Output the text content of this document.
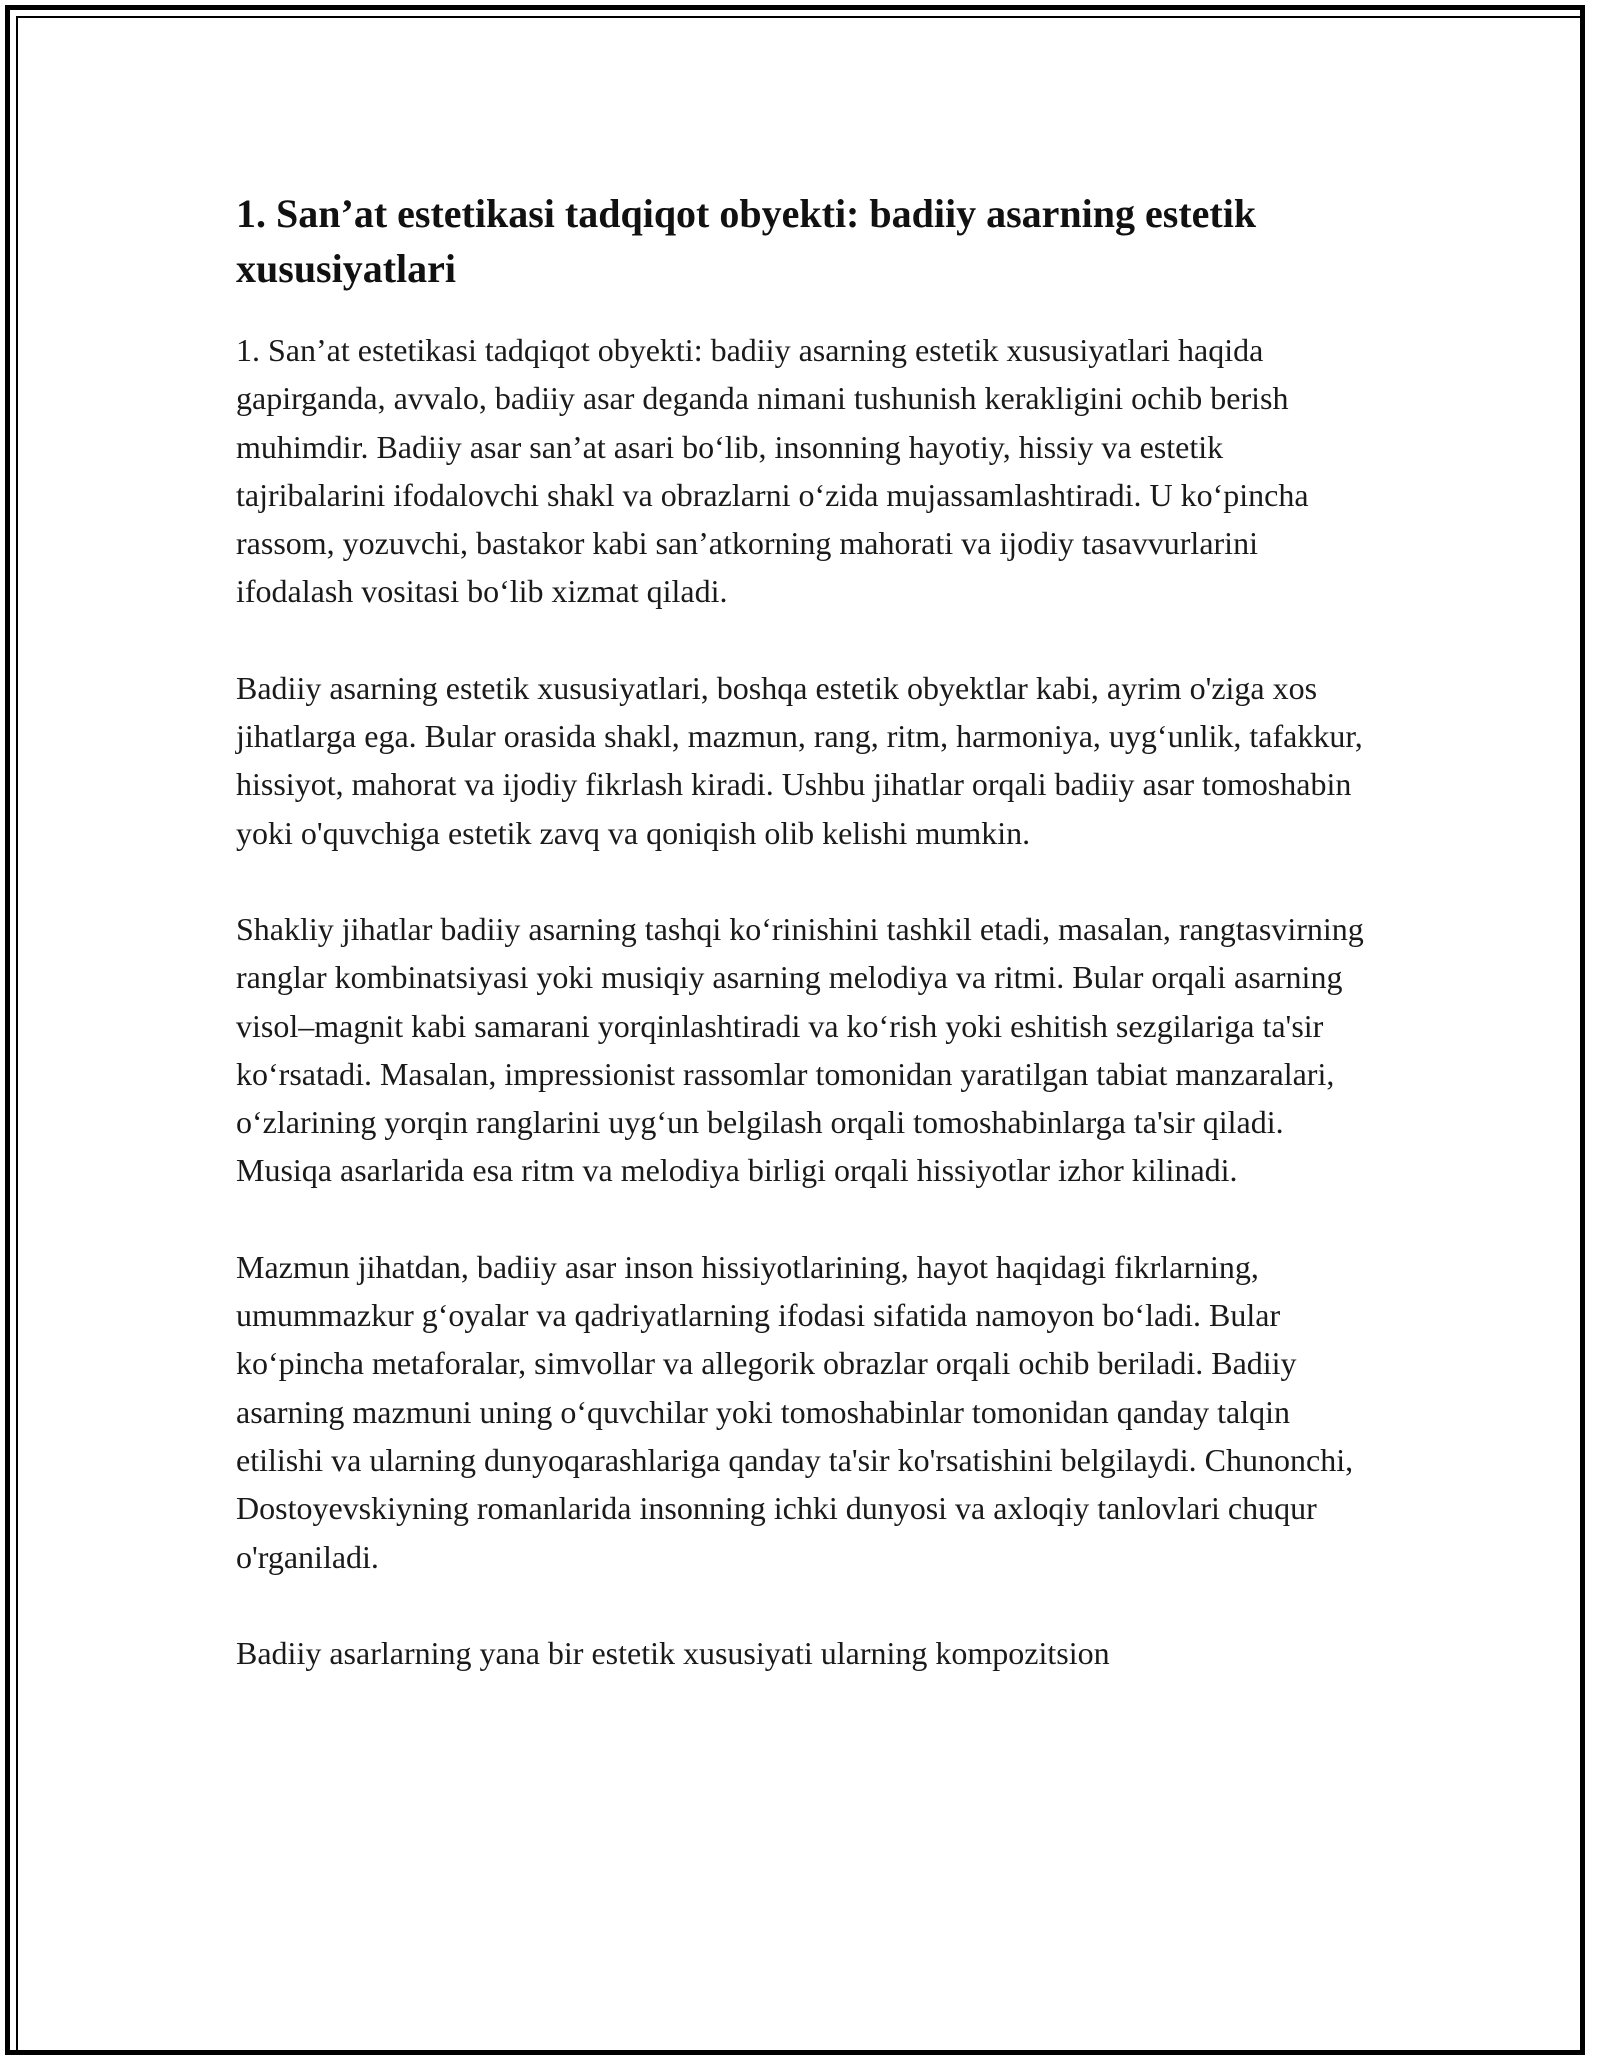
1. San’at estetikasi tadqiqot obyekti: badiiy asarning estetik xususiyatlari

1. San’at estetikasi tadqiqot obyekti: badiiy asarning estetik xususiyatlari haqida gapirganda, avvalo, badiiy asar deganda nimani tushunish kerakligini ochib berish muhimdir. Badiiy asar san’at asari bo‘lib, insonning hayotiy, hissiy va estetik tajribalarini ifodalovchi shakl va obrazlarni o‘zida mujassamlashtiradi. U ko‘pincha rassom, yozuvchi, bastakor kabi san’atkorning mahorati va ijodiy tasavvurlarini ifodalash vositasi bo‘lib xizmat qiladi.

Badiiy asarning estetik xususiyatlari, boshqa estetik obyektlar kabi, ayrim o'ziga xos jihatlarga ega. Bular orasida shakl, mazmun, rang, ritm, harmoniya, uyg‘unlik, tafakkur, hissiyot, mahorat va ijodiy fikrlash kiradi. Ushbu jihatlar orqali badiiy asar tomoshabin yoki o'quvchiga estetik zavq va qoniqish olib kelishi mumkin.

Shakliy jihatlar badiiy asarning tashqi ko‘rinishini tashkil etadi, masalan, rangtasvirning ranglar kombinatsiyasi yoki musiqiy asarning melodiya va ritmi. Bular orqali asarning visol–magnit kabi samarani yorqinlashtiradi va ko‘rish yoki eshitish sezgilariga ta'sir ko‘rsatadi. Masalan, impressionist rassomlar tomonidan yaratilgan tabiat manzaralari, o‘zlarining yorqin ranglarini uyg‘un belgilash orqali tomoshabinlarga ta'sir qiladi. Musiqa asarlarida esa ritm va melodiya birligi orqali hissiyotlar izhor kilinadi.

Mazmun jihatdan, badiiy asar inson hissiyotlarining, hayot haqidagi fikrlarning, umummazkur g‘oyalar va qadriyatlarning ifodasi sifatida namoyon bo‘ladi. Bular ko‘pincha metaforalar, simvollar va allegorik obrazlar orqali ochib beriladi. Badiiy asarning mazmuni uning o‘quvchilar yoki tomoshabinlar tomonidan qanday talqin etilishi va ularning dunyoqarashlariga qanday ta'sir ko'rsatishini belgilaydi. Chunonchi, Dostoyevskiyning romanlarida insonning ichki dunyosi va axloqiy tanlovlari chuqur o'rganiladi.

Badiiy asarlarning yana bir estetik xususiyati ularning kompozitsion
